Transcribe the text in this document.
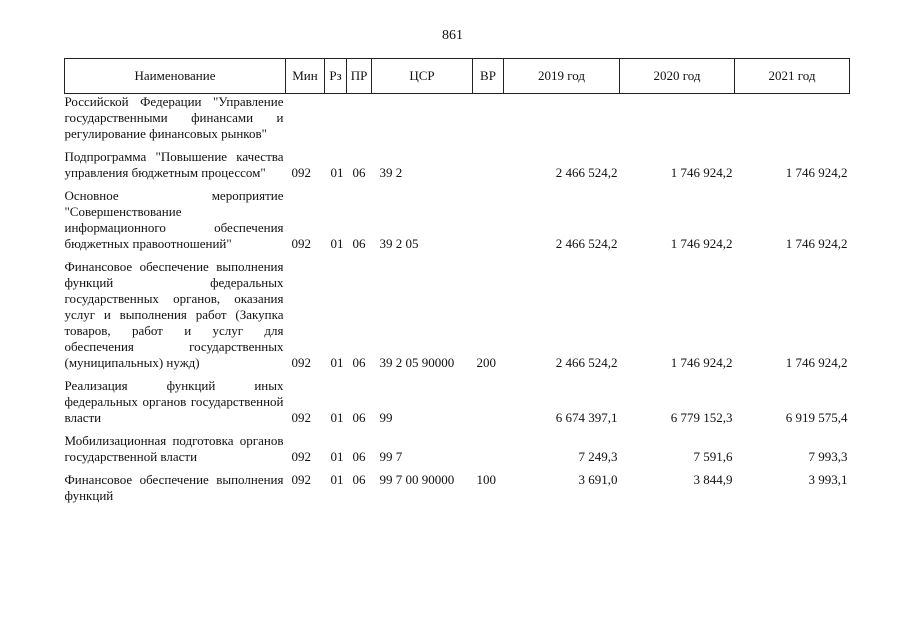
861
Наименование	Мин	Рз	ПР	ЦСР	ВР	2019 год	2020 год	2021 год
Российской Федерации "Управление государственными финансами и регулирование финансовых рынков"								

Подпрограмма "Повышение качества управления бюджетным процессом"	092	01	06	39 2		2 466 524,2	1 746 924,2	1 746 924,2

Основное мероприятие "Совершенствование информационного обеспечения бюджетных правоотношений"	092	01	06	39 2 05		2 466 524,2	1 746 924,2	1 746 924,2

Финансовое обеспечение выполнения функций федеральных государственных органов, оказания услуг и выполнения работ (Закупка товаров, работ и услуг для обеспечения государственных (муниципальных) нужд)	092	01	06	39 2 05 90000	200	2 466 524,2	1 746 924,2	1 746 924,2

Реализация функций иных федеральных органов государственной власти	092	01	06	99		6 674 397,1	6 779 152,3	6 919 575,4

Мобилизационная подготовка органов государственной власти	092	01	06	99 7		7 249,3	7 591,6	7 993,3

Финансовое обеспечение выполнения функций	092	01	06	99 7 00 90000	100	3 691,0	3 844,9	3 993,1
